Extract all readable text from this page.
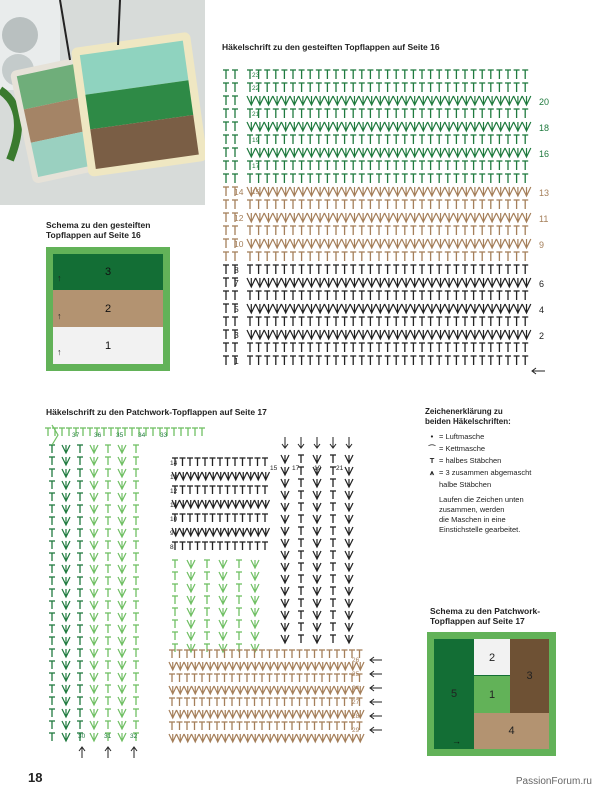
Häkelschrift zu den gesteiften Topflappen auf Seite 16
23
22
20
21
18
19
16
17
15	13
11
9
6
4
2
14
12
10
8
7
5
3
1
Schema zu den gesteiften
Topflappen auf Seite 16
3
2
1
↑
↑
↑
Häkelschrift zu den Patchwork-Topflappen auf Seite 17
14
13
12
11
10
9
8
26
25
24
27
28
29
15 17 19 21
37 36 35 34 33
30	31	32
Zeichenerklärung zu
beiden Häkelschriften:
• = Luftmasche
⌒ = Kettmasche
T = halbes Stäbchen
⩚ = 3 zusammen abgemascht
halbe Stäbchen
Laufen die Zeichen unten
zusammen, werden
die Maschen in eine
Einstichstelle gearbeitet.
Schema zu den Patchwork-
Topflappen auf Seite 17
5
2
1
3
4
→
18	PassionForum.ru
